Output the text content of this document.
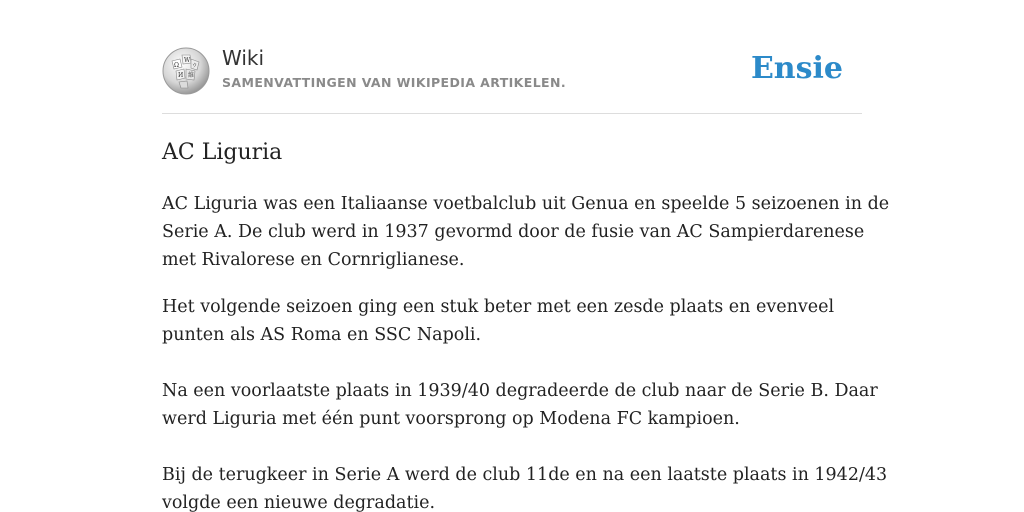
Ω
W
ウ
И 維
Wiki
SAMENVATTINGEN VAN WIKIPEDIA ARTIKELEN.	Ensie
AC Liguria

AC Liguria was een Italiaanse voetbalclub uit Genua en speelde 5 seizoenen in de
Serie A. De club werd in 1937 gevormd door de fusie van AC Sampierdarenese
met Rivalorese en Cornriglianese.

Het volgende seizoen ging een stuk beter met een zesde plaats en evenveel
punten als AS Roma en SSC Napoli.
Na een voorlaatste plaats in 1939/40 degradeerde de club naar de Serie B. Daar
werd Liguria met één punt voorsprong op Modena FC kampioen.
Bij de terugkeer in Serie A werd de club 11de en na een laatste plaats in 1942/43
volgde een nieuwe degradatie.
